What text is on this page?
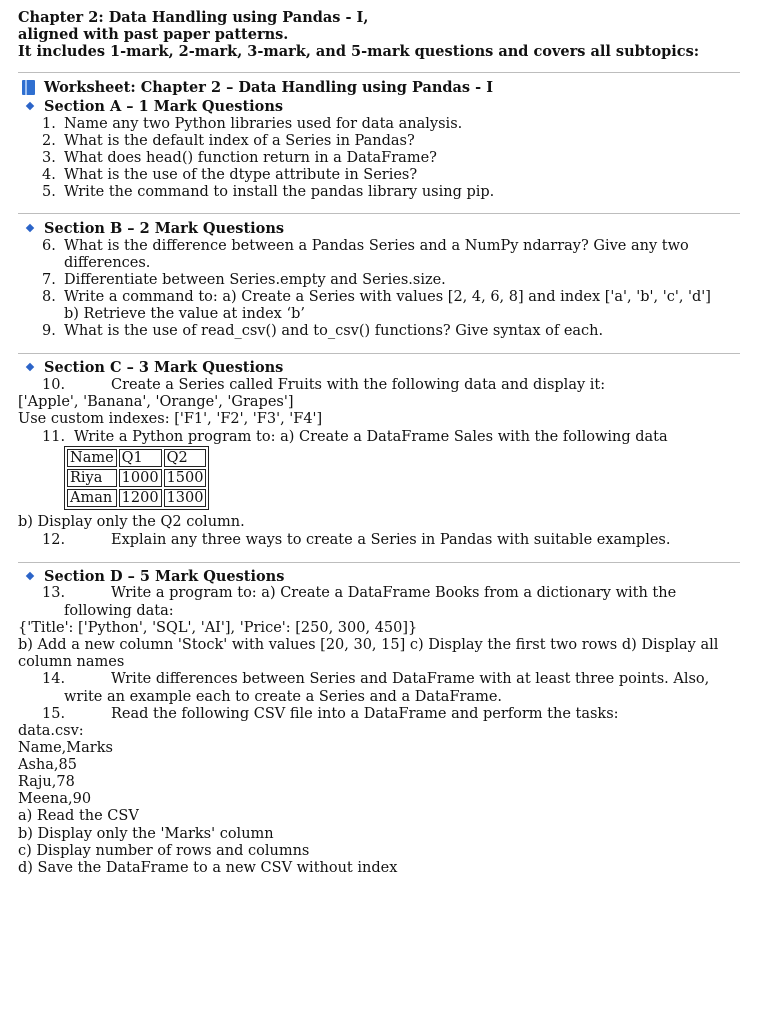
Chapter 2: Data Handling using Pandas - I,
aligned with past paper patterns.
It includes 1-mark, 2-mark, 3-mark, and 5-mark questions and covers all subtopics:
Worksheet: Chapter 2 – Data Handling using Pandas - I
Section A – 1 Mark Questions
1. Name any two Python libraries used for data analysis.
2. What is the default index of a Series in Pandas?
3. What does head() function return in a DataFrame?
4. What is the use of the dtype attribute in Series?
5. Write the command to install the pandas library using pip.
Section B – 2 Mark Questions
6. What is the difference between a Pandas Series and a NumPy ndarray? Give any two
differences.
7. Differentiate between Series.empty and Series.size.
8. Write a command to: a) Create a Series with values [2, 4, 6, 8] and index ['a', 'b', 'c', 'd']
b) Retrieve the value at index ‘b’
9. What is the use of read_csv() and to_csv() functions? Give syntax of each.
Section C – 3 Mark Questions
10.	Create a Series called Fruits with the following data and display it:
['Apple', 'Banana', 'Orange', 'Grapes']
Use custom indexes: ['F1', 'F2', 'F3', 'F4']
11. Write a Python program to: a) Create a DataFrame Sales with the following data
Name	Q1	Q2
Riya	1000	1500
Aman	1200	1300
b) Display only the Q2 column.
12.	Explain any three ways to create a Series in Pandas with suitable examples.
Section D – 5 Mark Questions
13.	Write a program to: a) Create a DataFrame Books from a dictionary with the
following data:
{'Title': ['Python', 'SQL', 'AI'], 'Price': [250, 300, 450]}
b) Add a new column 'Stock' with values [20, 30, 15] c) Display the first two rows d) Display all
column names
14.	Write differences between Series and DataFrame with at least three points. Also,
write an example each to create a Series and a DataFrame.
15.	Read the following CSV file into a DataFrame and perform the tasks:
data.csv:
Name,Marks
Asha,85
Raju,78
Meena,90
a) Read the CSV
b) Display only the 'Marks' column
c) Display number of rows and columns
d) Save the DataFrame to a new CSV without index
